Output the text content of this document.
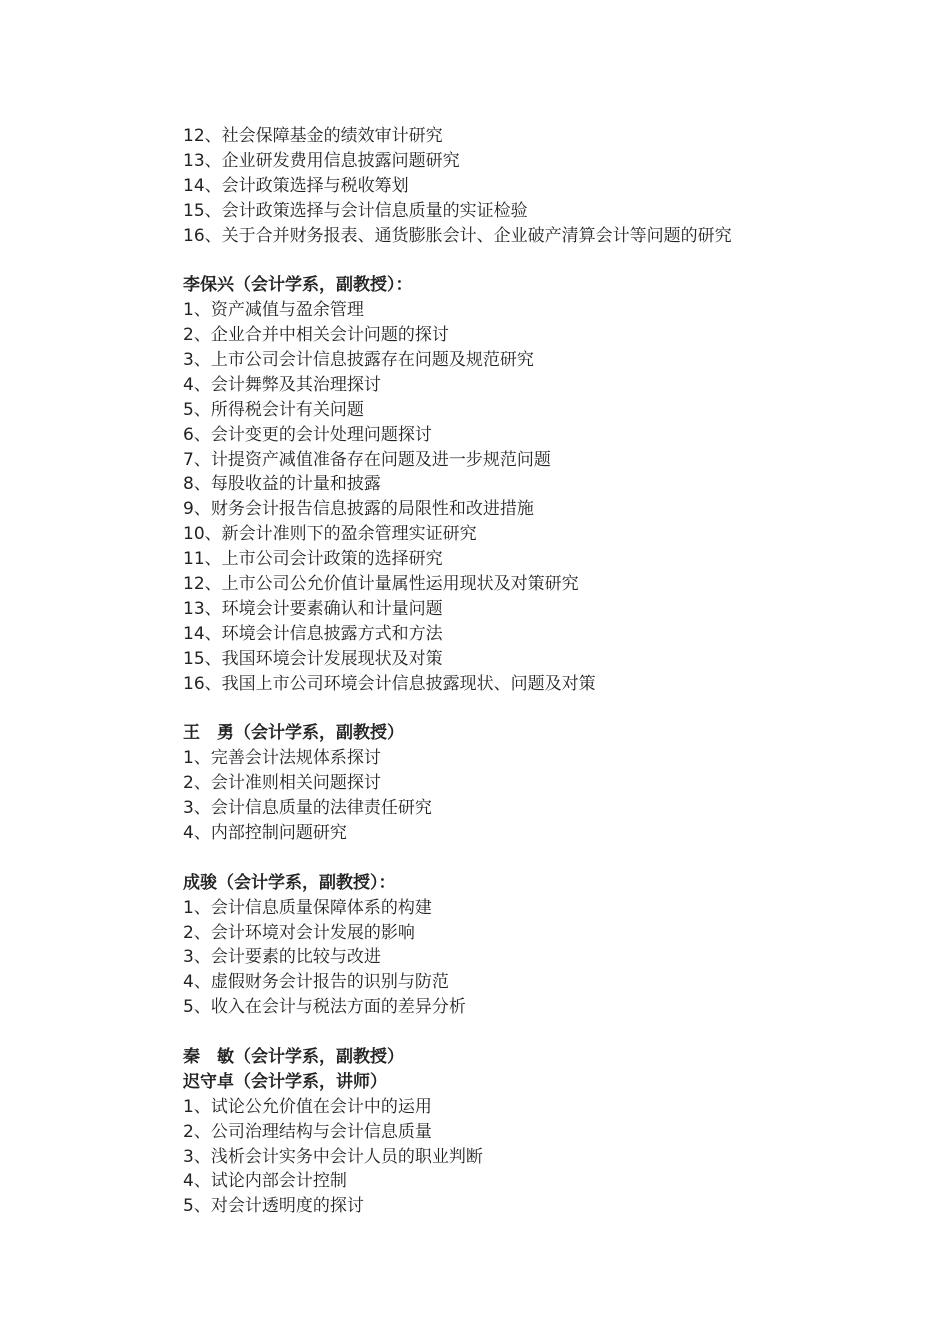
12、社会保障基金的绩效审计研究
13、企业研发费用信息披露问题研究
14、会计政策选择与税收筹划
15、会计政策选择与会计信息质量的实证检验
16、关于合并财务报表、通货膨胀会计、企业破产清算会计等问题的研究
李保兴（会计学系，副教授）：
1、资产减值与盈余管理
2、企业合并中相关会计问题的探讨
3、上市公司会计信息披露存在问题及规范研究
4、会计舞弊及其治理探讨
5、所得税会计有关问题
6、会计变更的会计处理问题探讨
7、计提资产减值准备存在问题及进一步规范问题
8、每股收益的计量和披露
9、财务会计报告信息披露的局限性和改进措施
10、新会计准则下的盈余管理实证研究
11、上市公司会计政策的选择研究
12、上市公司公允价值计量属性运用现状及对策研究
13、环境会计要素确认和计量问题
14、环境会计信息披露方式和方法
15、我国环境会计发展现状及对策
16、我国上市公司环境会计信息披露现状、问题及对策
王　勇（会计学系，副教授）
1、完善会计法规体系探讨
2、会计准则相关问题探讨
3、会计信息质量的法律责任研究
4、内部控制问题研究
成骏（会计学系，副教授）：
1、会计信息质量保障体系的构建
2、会计环境对会计发展的影响
3、会计要素的比较与改进
4、虚假财务会计报告的识别与防范
5、收入在会计与税法方面的差异分析
秦　敏（会计学系，副教授）
迟守卓（会计学系，讲师）
1、试论公允价值在会计中的运用
2、公司治理结构与会计信息质量
3、浅析会计实务中会计人员的职业判断
4、试论内部会计控制
5、对会计透明度的探讨
